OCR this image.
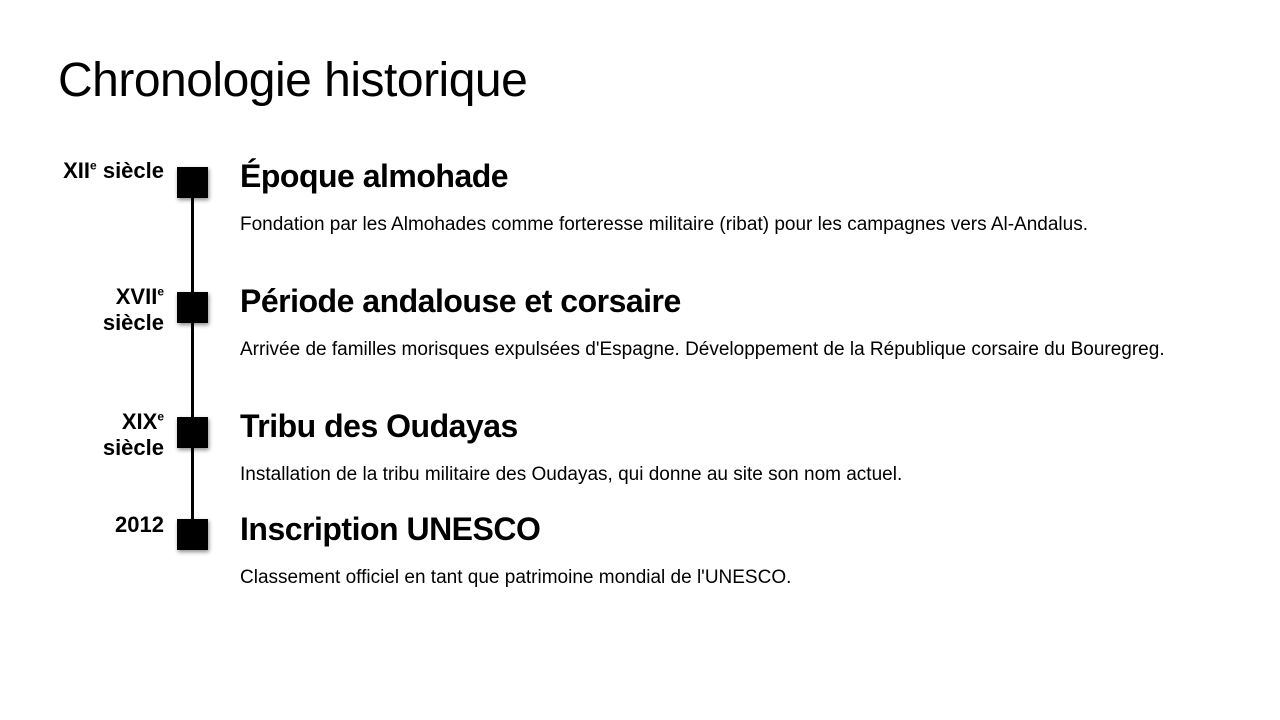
Chronologie historique
XIIe siècle Époque almohade

Fondation par les Almohades comme forteresse militaire (ribat) pour les campagnes vers Al-Andalus.

XVIIe siècle
Période andalouse et corsaire

Arrivée de familles morisques expulsées d'Espagne. Développement de la République corsaire du Bouregreg.

XIXe siècle
Tribu des Oudayas

Installation de la tribu militaire des Oudayas, qui donne au site son nom actuel.

2012 Inscription UNESCO

Classement officiel en tant que patrimoine mondial de l'UNESCO.
